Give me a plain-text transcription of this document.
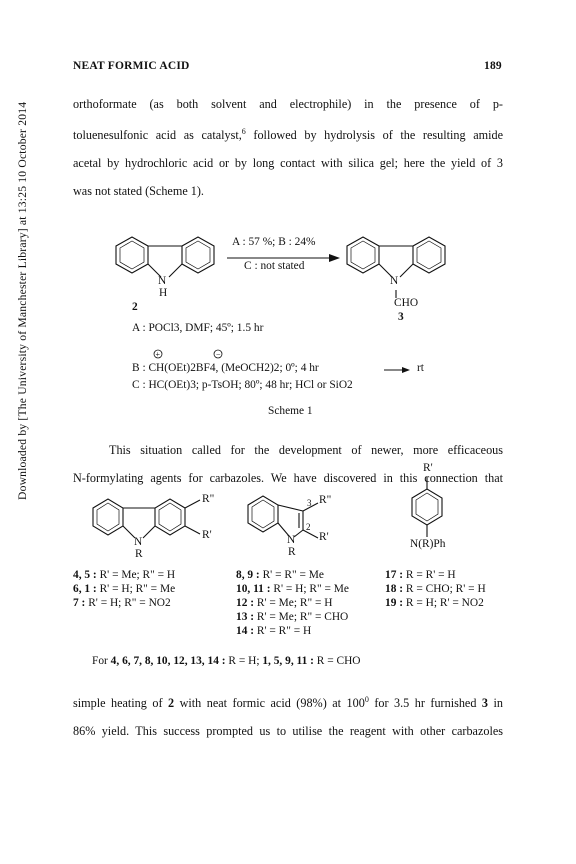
NEAT FORMIC ACID	189
Downloaded by [The University of Manchester Library] at 13:25 10 October 2014	orthoformate (as both solvent and electrophile) in the presence of p-
toluenesulfonic acid as catalyst,$^6$ followed by hydrolysis of the resulting amide
acetal by hydrochloric acid or by long contact with silica gel; here the yield of 3
was not stated (Scheme 1).
+	−
A : 57 %; B : 24%
C : not stated
N
H
2
N
CHO
3
A : POCl3, DMF; 45º; 1.5 hr
B : CH(OEt)2BF4, (MeOCH2)2; 0º; 4 hr	rt
C : HC(OEt)3; p-TsOH; 80º; 48 hr; HCl or SiO2
Scheme 1
This situation called for the development of newer, more efficaceous
N-formylating agents for carbazoles. We have discovered in this connection that
R"
R'
N
R
3 R"
2
R'
N
R
R'
N(R)Ph
4, 5 : R' = Me; R" = H
6, 1 : R' = H; R" = Me
7 : R' = H; R" = NO2
8, 9 : R' = R" = Me
10, 11 : R' = H; R" = Me
12 : R' = Me; R" = H
13 : R' = Me; R" = CHO
14 : R' = R" = H
17 : R = R' = H
18 : R = CHO; R' = H
19 : R = H; R' = NO2
For 4, 6, 7, 8, 10, 12, 13, 14 : R = H; 1, 5, 9, 11 : R = CHO
simple heating of 2 with neat formic acid (98%) at $100^0$ for 3.5 hr furnished 3 in
86% yield. This success prompted us to utilise the reagent with other carbazoles
